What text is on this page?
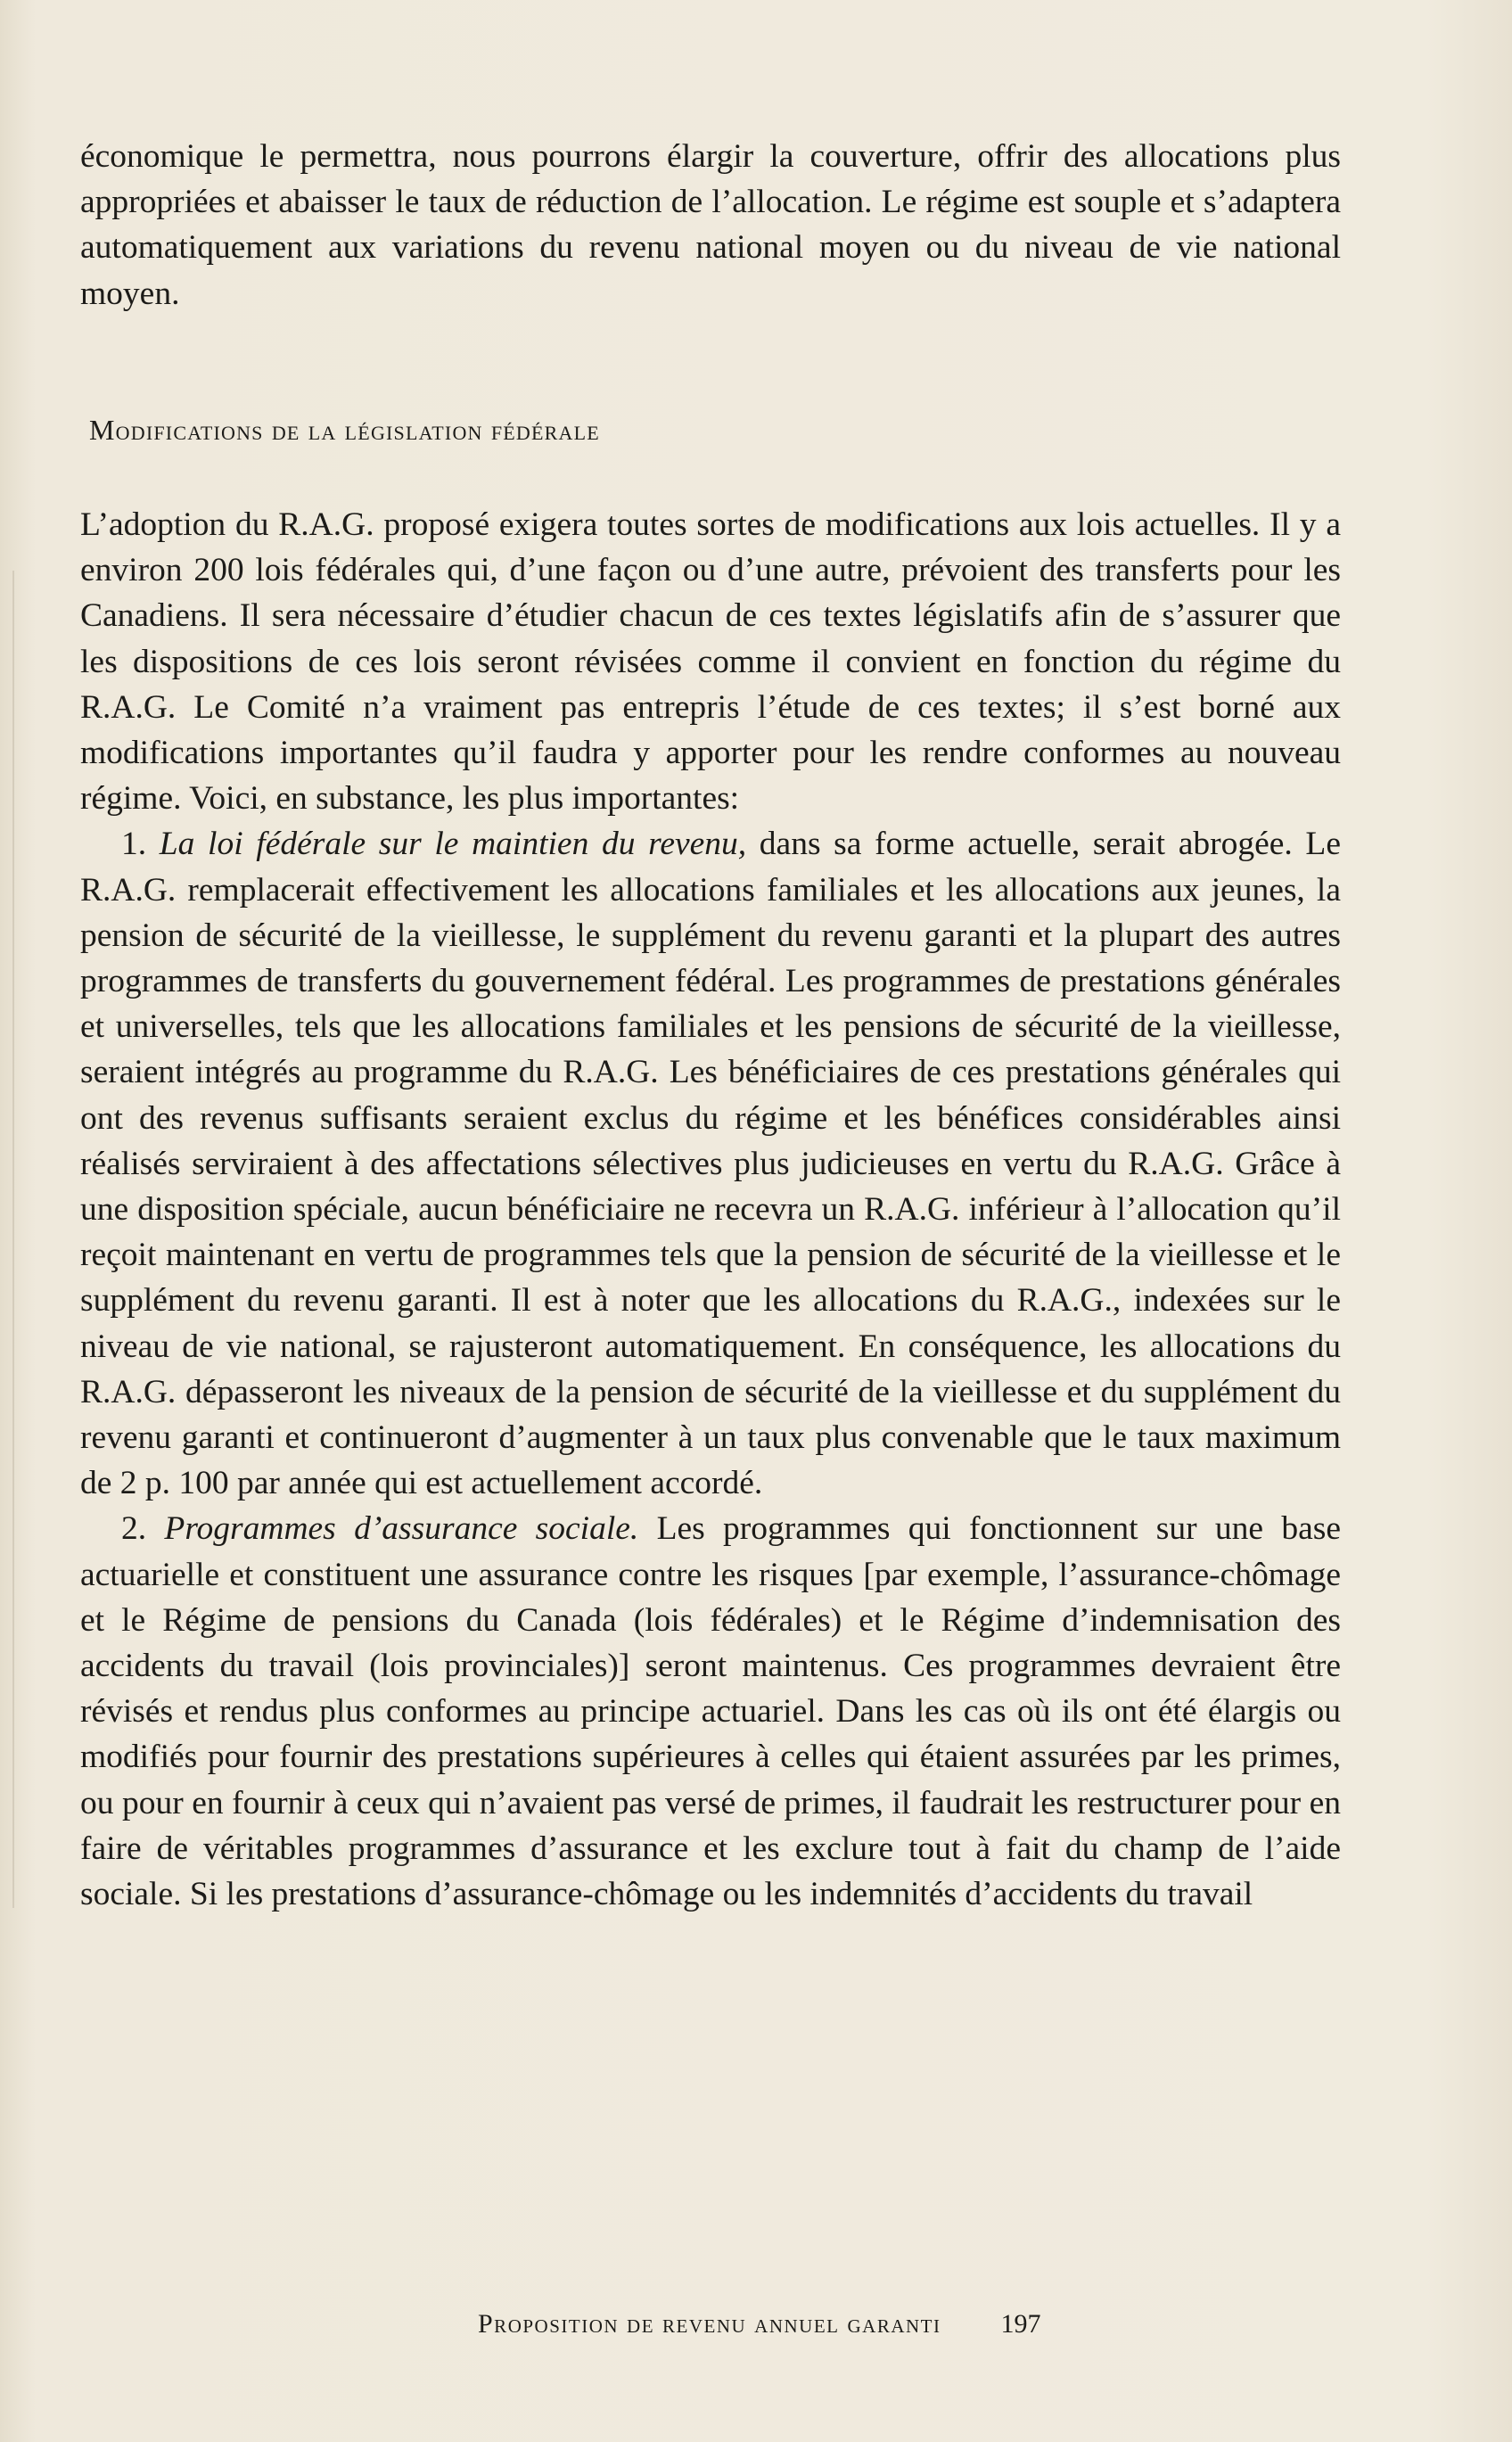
économique le permettra, nous pourrons élargir la couverture, offrir des allocations plus appropriées et abaisser le taux de réduction de l’allocation. Le régime est souple et s’adaptera automatiquement aux variations du revenu national moyen ou du niveau de vie national moyen.

Modifications de la législation fédérale

L’adoption du R.A.G. proposé exigera toutes sortes de modifications aux lois actuelles. Il y a environ 200 lois fédérales qui, d’une façon ou d’une autre, prévoient des transferts pour les Canadiens. Il sera nécessaire d’étudier chacun de ces textes législatifs afin de s’assurer que les dispositions de ces lois seront révisées comme il convient en fonction du régime du R.A.G. Le Comité n’a vraiment pas entrepris l’étude de ces textes; il s’est borné aux modifications importantes qu’il faudra y apporter pour les rendre conformes au nouveau régime. Voici, en substance, les plus importantes:

1. La loi fédérale sur le maintien du revenu, dans sa forme actuelle, serait abrogée. Le R.A.G. remplacerait effectivement les allocations familiales et les allocations aux jeunes, la pension de sécurité de la vieillesse, le supplément du revenu garanti et la plupart des autres programmes de transferts du gouvernement fédéral. Les programmes de prestations générales et universelles, tels que les allocations familiales et les pensions de sécurité de la vieillesse, seraient intégrés au programme du R.A.G. Les bénéficiaires de ces prestations générales qui ont des revenus suffisants seraient exclus du régime et les bénéfices considérables ainsi réalisés serviraient à des affectations sélectives plus judicieuses en vertu du R.A.G. Grâce à une disposition spéciale, aucun bénéficiaire ne recevra un R.A.G. inférieur à l’allocation qu’il reçoit maintenant en vertu de programmes tels que la pension de sécurité de la vieillesse et le supplément du revenu garanti. Il est à noter que les allocations du R.A.G., indexées sur le niveau de vie national, se rajusteront automatiquement. En conséquence, les allocations du R.A.G. dépasseront les niveaux de la pension de sécurité de la vieillesse et du supplément du revenu garanti et continueront d’augmenter à un taux plus convenable que le taux maximum de 2 p. 100 par année qui est actuellement accordé.

2. Programmes d’assurance sociale. Les programmes qui fonctionnent sur une base actuarielle et constituent une assurance contre les risques [par exemple, l’assurance-chômage et le Régime de pensions du Canada (lois fédérales) et le Régime d’indemnisation des accidents du travail (lois provinciales)] seront maintenus. Ces programmes devraient être révisés et rendus plus conformes au principe actuariel. Dans les cas où ils ont été élargis ou modifiés pour fournir des prestations supérieures à celles qui étaient assurées par les primes, ou pour en fournir à ceux qui n’avaient pas versé de primes, il faudrait les restructurer pour en faire de véritables programmes d’assurance et les exclure tout à fait du champ de l’aide sociale. Si les prestations d’assurance-chômage ou les indemnités d’accidents du travail

Proposition de revenu annuel garanti 197
